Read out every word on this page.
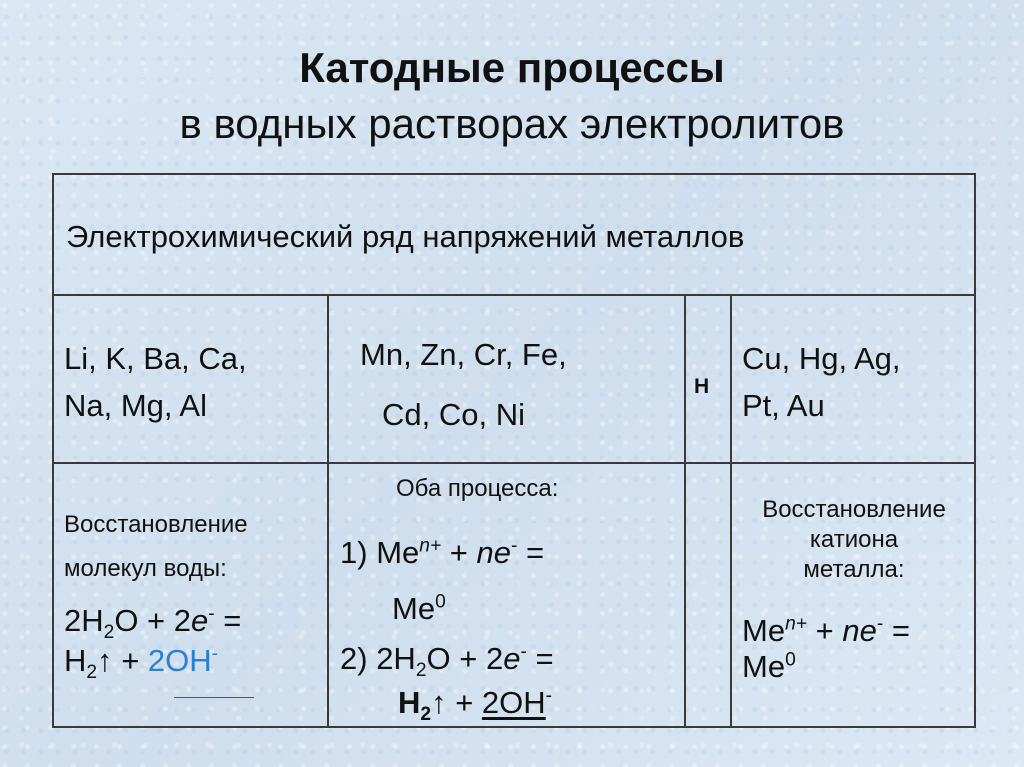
Катодные процессы
в водных растворах электролитов
Электрохимический ряд напряжений металлов
Li, K, Ba, Ca,
Na, Mg, Al
Mn, Zn, Cr, Fe,
Cd, Co, Ni
Н
Cu, Hg, Ag,
Pt, Au
Восстановление
молекул воды:
$2H_2O + 2e^-$ =
$H_2↑ + 2OH^-$
Оба процесса:
1) $Me^{n+} + ne^-$ =
$Me^0$
2) $2H_2O + 2e^-$ =
$H_2↑ + 2OH^-$
Восстановление
катиона
металла:
$Me^{n+} + ne^-$ =
$Me^0$
